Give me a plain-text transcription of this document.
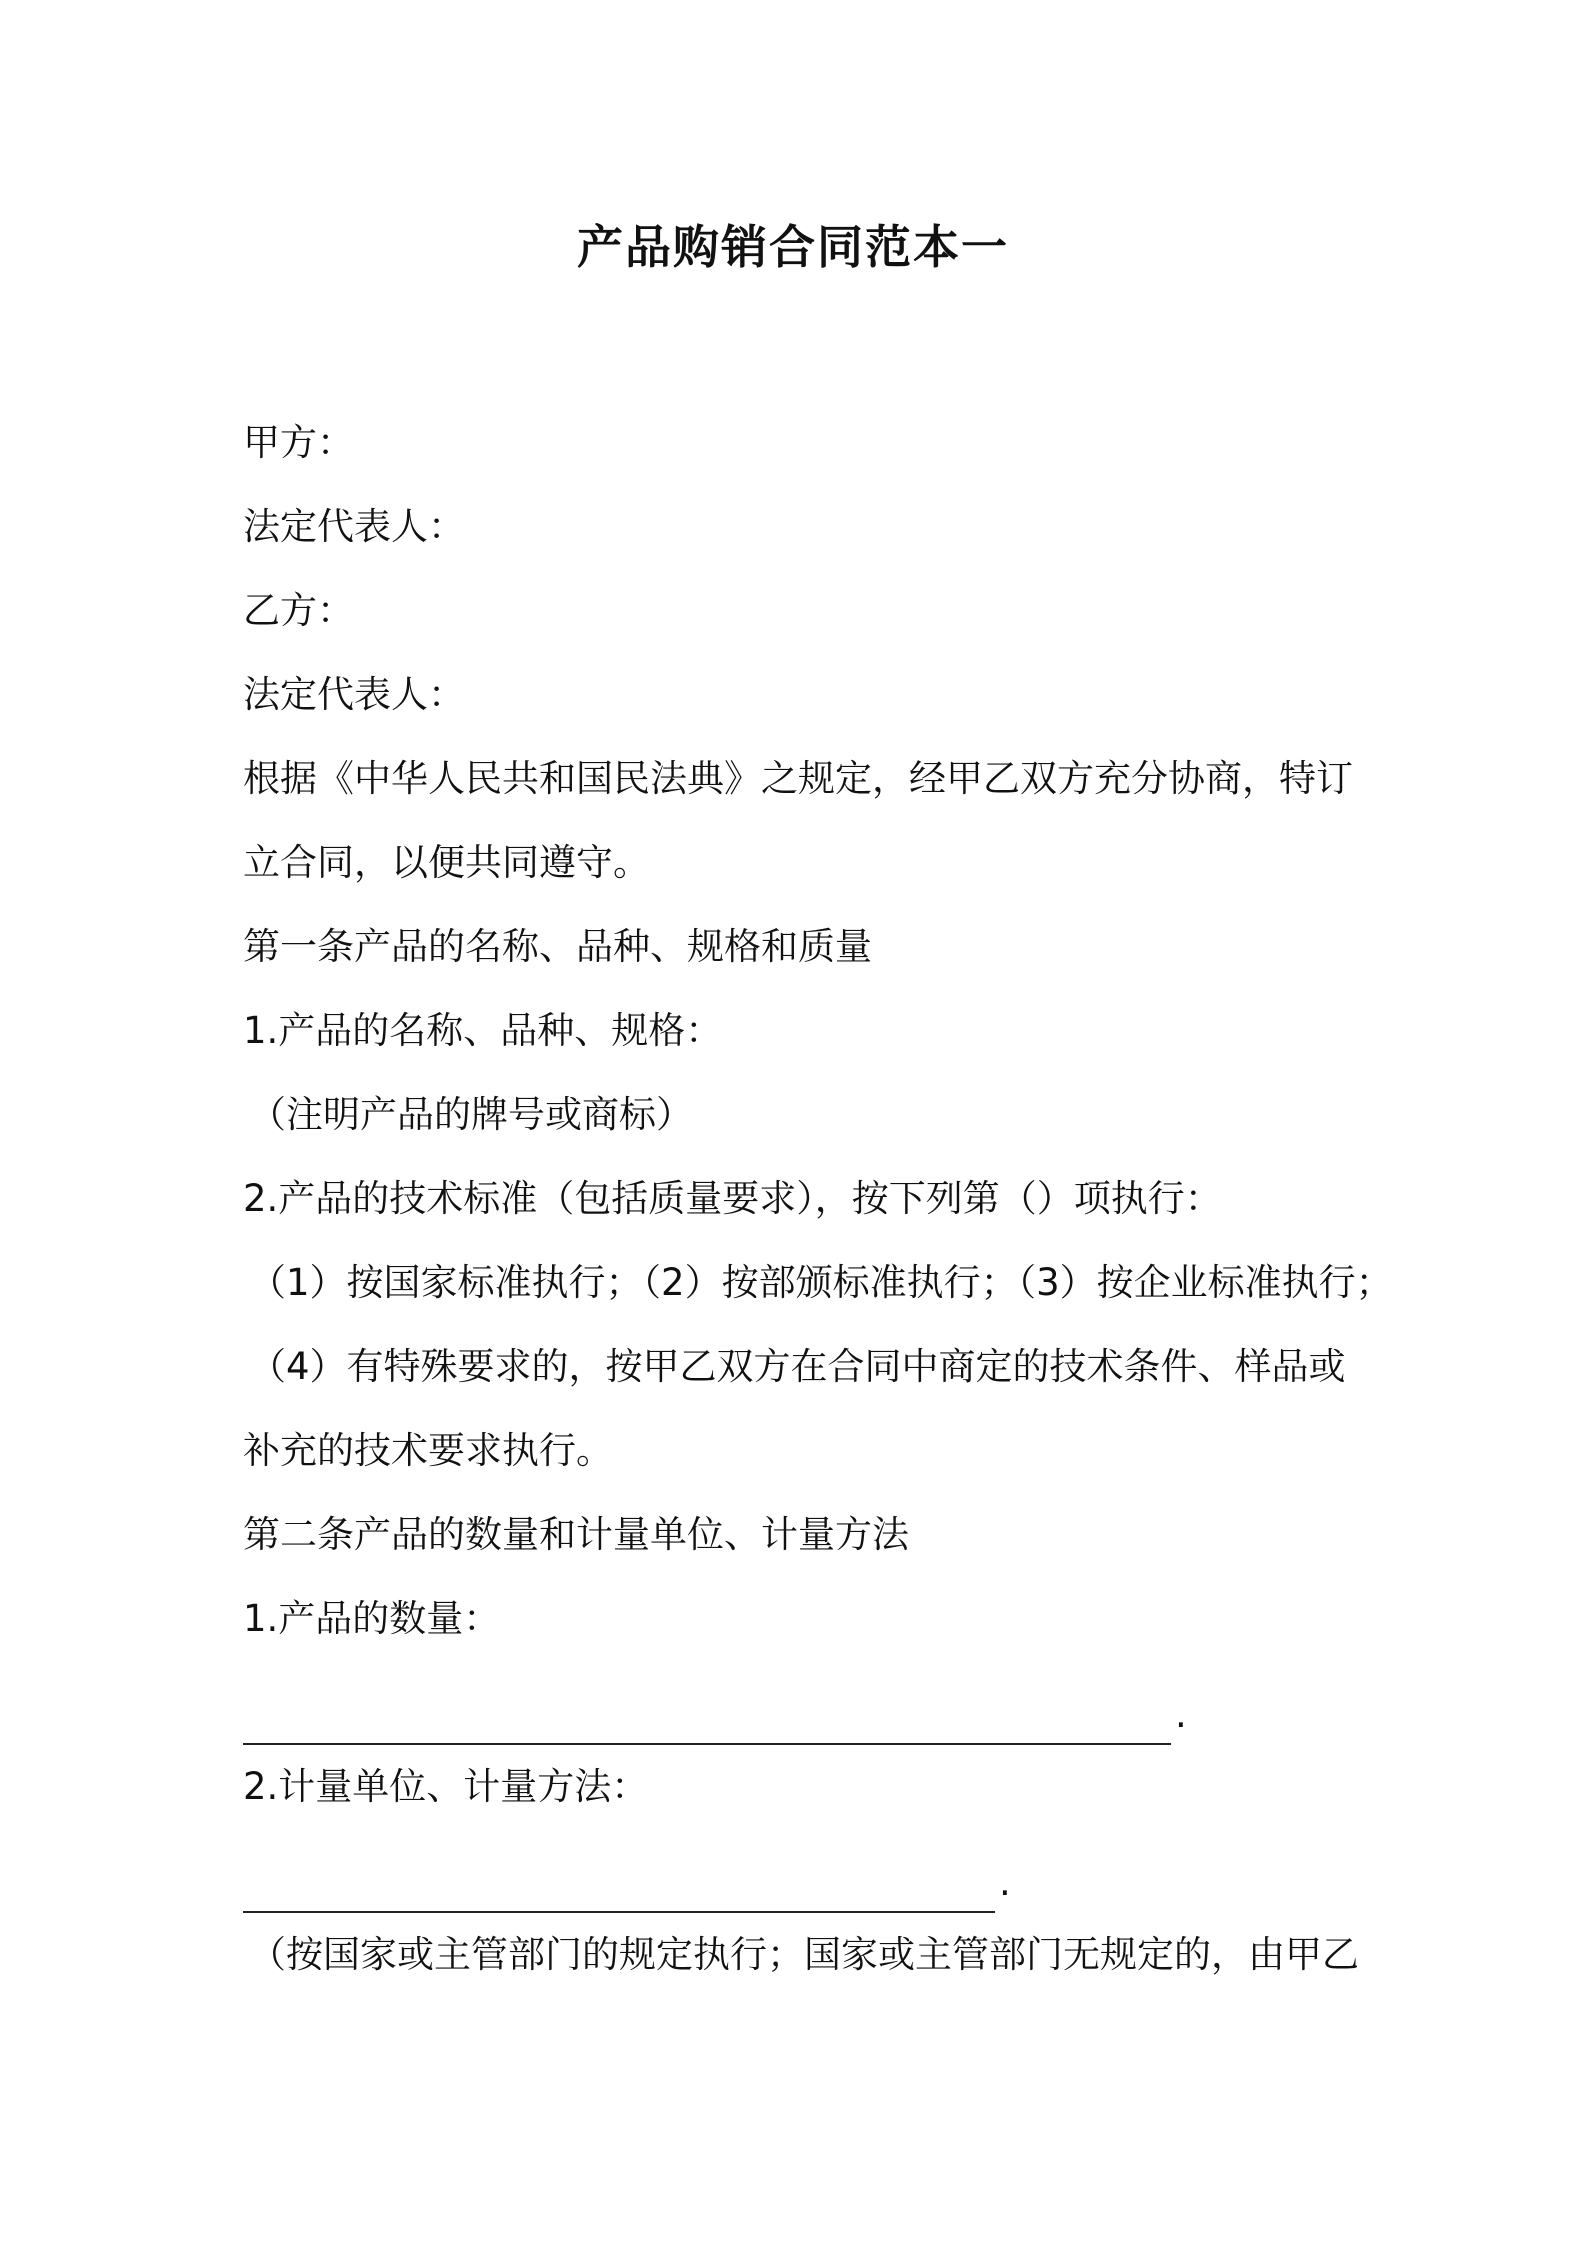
产品购销合同范本一
甲方：
法定代表人：
乙方：
法定代表人：
根据《中华人民共和国民法典》之规定，经甲乙双方充分协商，特订
立合同，以便共同遵守。
第一条产品的名称、品种、规格和质量
1.产品的名称、品种、规格：
（注明产品的牌号或商标）
2.产品的技术标准（包括质量要求），按下列第（）项执行：
（1）按国家标准执行；（2）按部颁标准执行；（3）按企业标准执行；
（4）有特殊要求的，按甲乙双方在合同中商定的技术条件、样品或
补充的技术要求执行。
第二条产品的数量和计量单位、计量方法
1.产品的数量：
.
2.计量单位、计量方法：
.
（按国家或主管部门的规定执行；国家或主管部门无规定的，由甲乙
